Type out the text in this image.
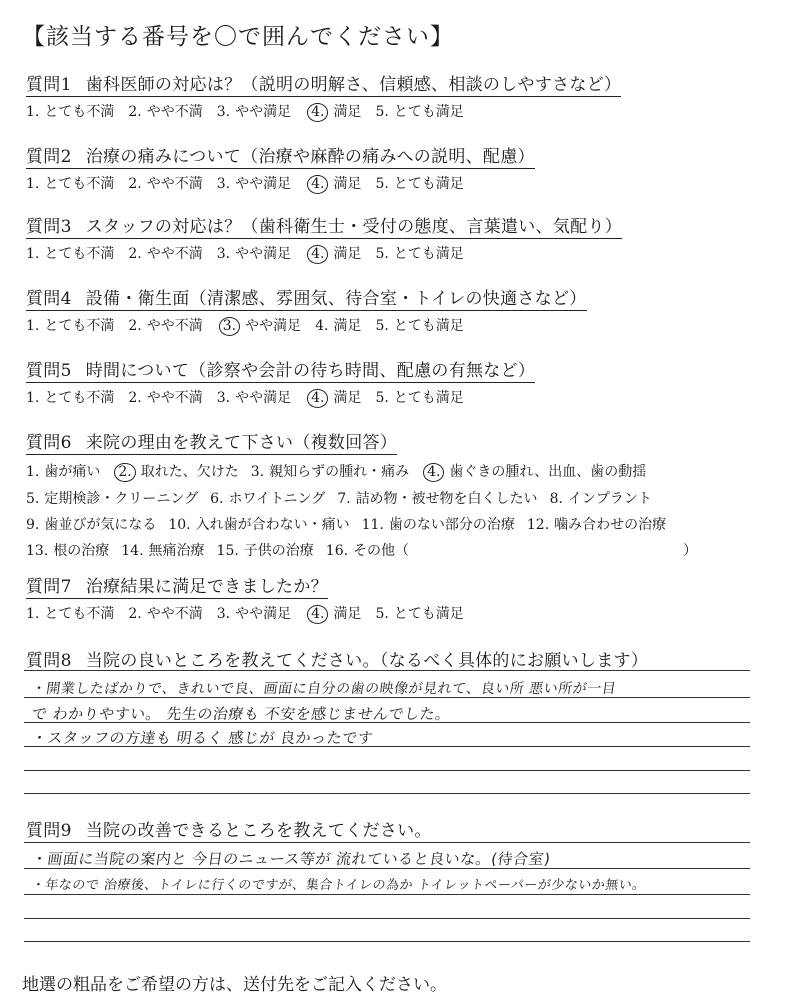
【該当する番号を〇で囲んでください】
質問1 歯科医師の対応は？（説明の明解さ、信頼感、相談のしやすさなど）
1. とても不満 2. やや不満 3. やや満足	4. 満足 5. とても満足
質問2 治療の痛みについて（治療や麻酔の痛みへの説明、配慮）
1. とても不満 2. やや不満 3. やや満足	4. 満足 5. とても満足
質問3 スタッフの対応は？（歯科衛生士・受付の態度、言葉遣い、気配り）
1. とても不満 2. やや不満 3. やや満足	4. 満足 5. とても満足
質問4 設備・衛生面（清潔感、雰囲気、待合室・トイレの快適さなど）
1. とても不満 2. やや不満	3. やや満足 4. 満足 5. とても満足
質問5 時間について（診察や会計の待ち時間、配慮の有無など）
1. とても不満 2. やや不満 3. やや満足	4. 満足 5. とても満足
質問6 来院の理由を教えて下さい（複数回答）
1. 歯が痛い	2. 取れた、欠けた 3. 親知らずの腫れ・痛み	4. 歯ぐきの腫れ、出血、歯の動揺
5. 定期検診・クリーニング 6. ホワイトニング 7. 詰め物・被せ物を白くしたい 8. インプラント
9. 歯並びが気になる 10. 入れ歯が合わない・痛い 11. 歯のない部分の治療 12. 噛み合わせの治療
13. 根の治療 14. 無痛治療 15. 子供の治療 16. その他（	）
質問7 治療結果に満足できましたか？
1. とても不満 2. やや不満 3. やや満足	4. 満足 5. とても満足
質問8 当院の良いところを教えてください。（なるべく具体的にお願いします）
・開業したばかりで、きれいで良、画面に自分の歯の映像が見れて、良い所 悪い所が一目
で わかりやすい。 先生の治療も 不安を感じませんでした。
・スタッフの方達も 明るく 感じが 良かったです
質問9 当院の改善できるところを教えてください。
・画面に当院の案内と 今日のニュース等が 流れていると良いな。(待合室)
・年なので 治療後、トイレに行くのですが、集合トイレの為か トイレットペーパーが少ないか無い。
地選の粗品をご希望の方は、送付先をご記入ください。
